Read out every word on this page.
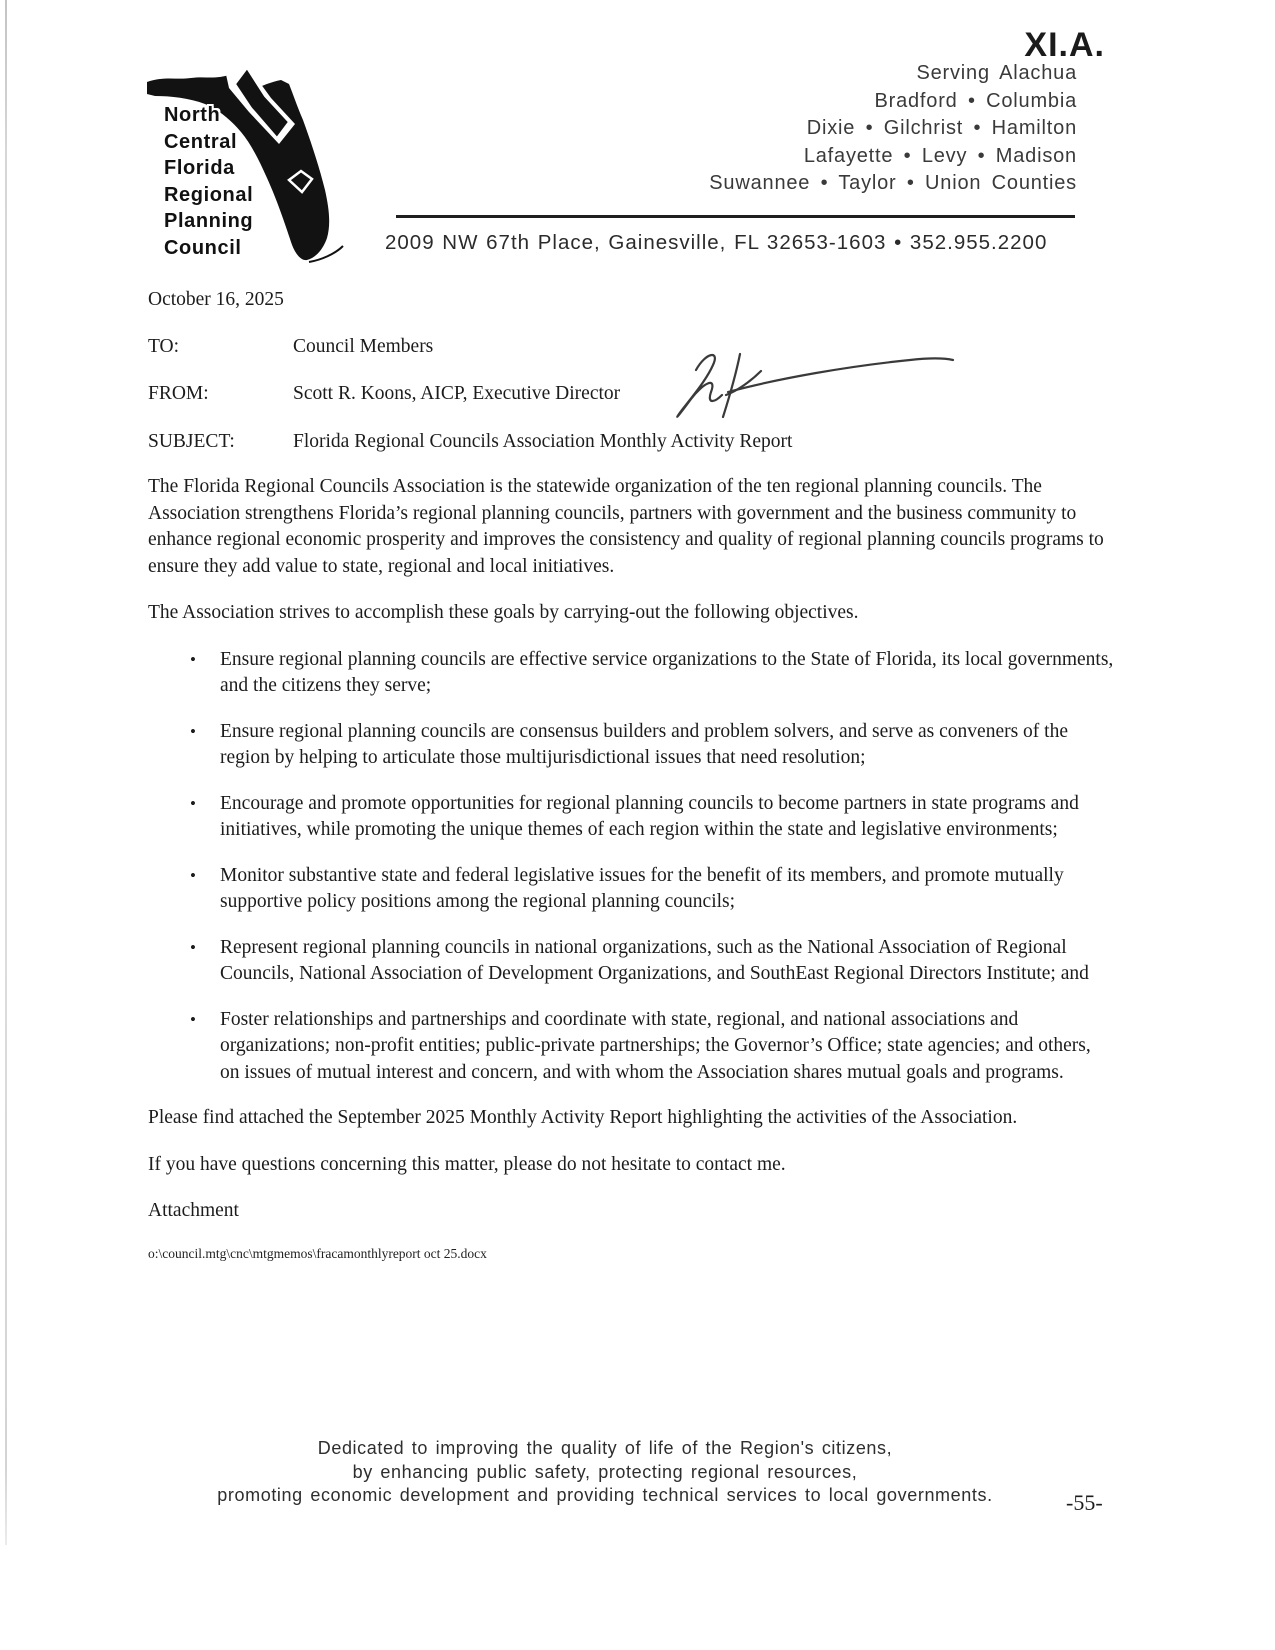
XI.A.
Serving Alachua
Bradford • Columbia
Dixie • Gilchrist • Hamilton
Lafayette • Levy • Madison
Suwannee • Taylor • Union Counties
2009 NW 67th Place, Gainesville, FL 32653-1603 • 352.955.2200
North
Central
Florida
Regional
Planning
Council

October 16, 2025

TO:	Council Members
FROM:	Scott R. Koons, AICP, Executive Director
SUBJECT:	Florida Regional Councils Association Monthly Activity Report

The Florida Regional Councils Association is the statewide organization of the ten regional planning councils. The Association strengthens Florida’s regional planning councils, partners with government and the business community to enhance regional economic prosperity and improves the consistency and quality of regional planning councils programs to ensure they add value to state, regional and local initiatives.

The Association strives to accomplish these goals by carrying-out the following objectives.

•	Ensure regional planning councils are effective service organizations to the State of Florida, its local governments, and the citizens they serve;
•	Ensure regional planning councils are consensus builders and problem solvers, and serve as conveners of the region by helping to articulate those multijurisdictional issues that need resolution;
•	Encourage and promote opportunities for regional planning councils to become partners in state programs and initiatives, while promoting the unique themes of each region within the state and legislative environments;
•	Monitor substantive state and federal legislative issues for the benefit of its members, and promote mutually supportive policy positions among the regional planning councils;
•	Represent regional planning councils in national organizations, such as the National Association of Regional Councils, National Association of Development Organizations, and SouthEast Regional Directors Institute; and
•	Foster relationships and partnerships and coordinate with state, regional, and national associations and organizations; non-profit entities; public-private partnerships; the Governor’s Office; state agencies; and others, on issues of mutual interest and concern, and with whom the Association shares mutual goals and programs.

Please find attached the September 2025 Monthly Activity Report highlighting the activities of the Association.

If you have questions concerning this matter, please do not hesitate to contact me.

Attachment

o:\council.mtg\cnc\mtgmemos\fracamonthlyreport oct 25.docx

Dedicated to improving the quality of life of the Region's citizens,
by enhancing public safety, protecting regional resources,
promoting economic development and providing technical services to local governments.	-55-
